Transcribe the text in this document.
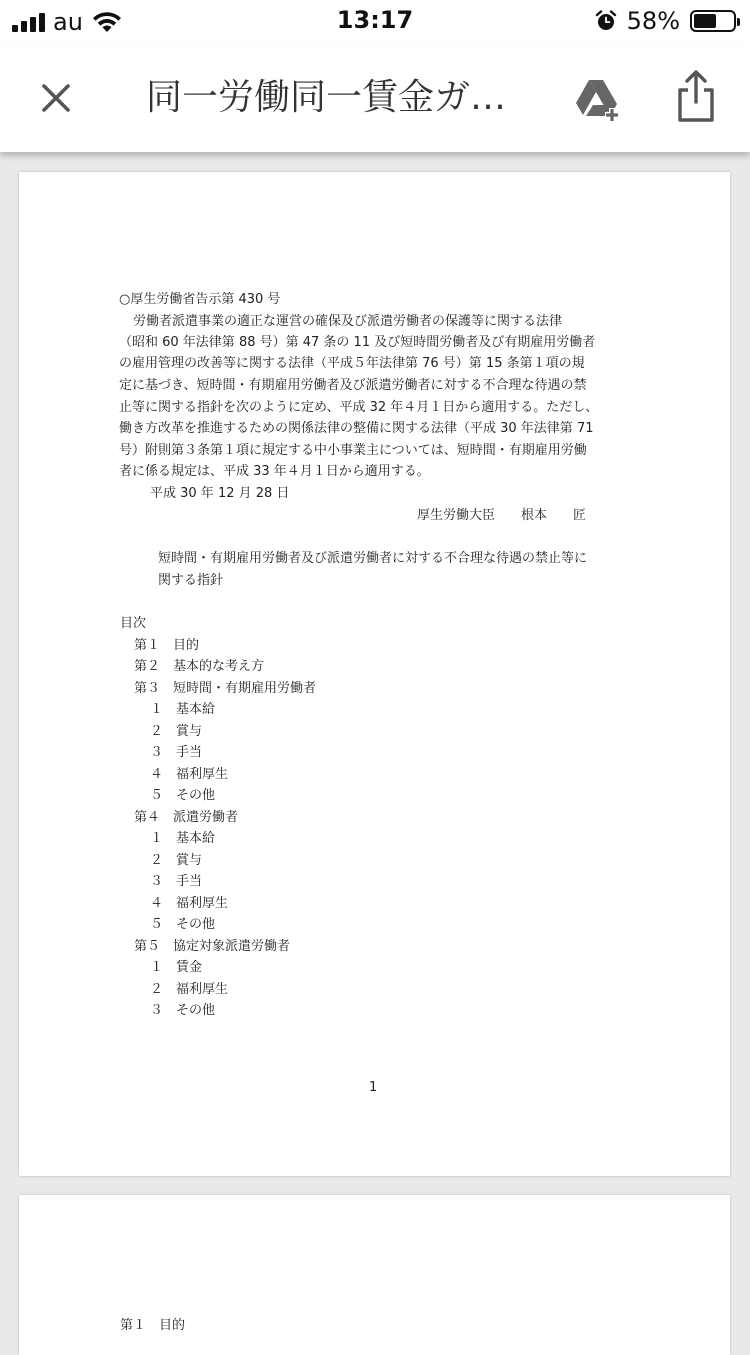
au	13:17	58%
同一労働同一賃金ガ…
○厚生労働省告示第 430 号
労働者派遣事業の適正な運営の確保及び派遣労働者の保護等に関する法律
（昭和 60 年法律第 88 号）第 47 条の 11 及び短時間労働者及び有期雇用労働者
の雇用管理の改善等に関する法律（平成５年法律第 76 号）第 15 条第１項の規
定に基づき、短時間・有期雇用労働者及び派遣労働者に対する不合理な待遇の禁
止等に関する指針を次のように定め、平成 32 年４月１日から適用する。ただし、
働き方改革を推進するための関係法律の整備に関する法律（平成 30 年法律第 71
号）附則第３条第１項に規定する中小事業主については、短時間・有期雇用労働
者に係る規定は、平成 33 年４月１日から適用する。
平成 30 年 12 月 28 日
厚生労働大臣　　根本　　匠
短時間・有期雇用労働者及び派遣労働者に対する不合理な待遇の禁止等に
関する指針
目次
第１　 目的
第２　 基本的な考え方
第３　 短時間・有期雇用労働者
１　 基本給
２　 賞与
３　 手当
４　 福利厚生
５　 その他
第４　 派遣労働者
１　 基本給
２　 賞与
３　 手当
４　 福利厚生
５　 その他
第５　 協定対象派遣労働者
１　 賃金
２　 福利厚生
３　 その他
1
第１　 目的
